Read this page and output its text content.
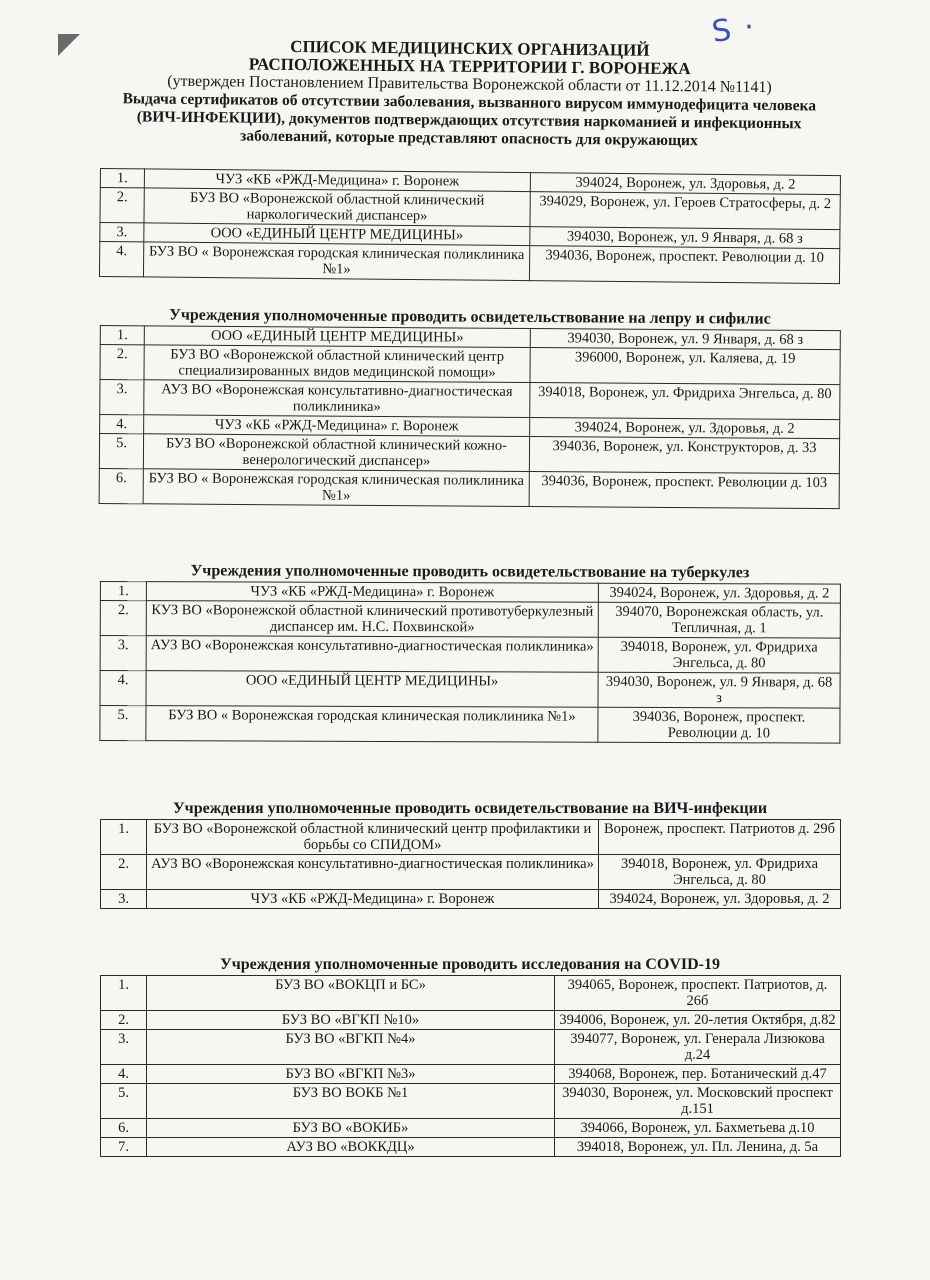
S ·
СПИСОК МЕДИЦИНСКИХ ОРГАНИЗАЦИЙ
РАСПОЛОЖЕННЫХ НА ТЕРРИТОРИИ Г. ВОРОНЕЖА
(утвержден Постановлением Правительства Воронежской области от 11.12.2014 №1141)
Выдача сертификатов об отсутствии заболевания, вызванного вирусом иммунодефицита человека (ВИЧ-ИНФЕКЦИИ), документов подтверждающих отсутствия наркоманией и инфекционных заболеваний, которые представляют опасность для окружающих
1.	ЧУЗ «КБ «РЖД-Медицина» г. Воронеж	394024, Воронеж, ул. Здоровья, д. 2
2.	БУЗ ВО «Воронежской областной клинический наркологический диспансер»	394029, Воронеж, ул. Героев Стратосферы, д. 2
3.	ООО «ЕДИНЫЙ ЦЕНТР МЕДИЦИНЫ»	394030, Воронеж, ул. 9 Января, д. 68 з
4.	БУЗ ВО « Воронежская городская клиническая поликлиника №1»	394036, Воронеж, проспект. Революции д. 10
Учреждения уполномоченные проводить освидетельствование на лепру и сифилис
1.	ООО «ЕДИНЫЙ ЦЕНТР МЕДИЦИНЫ»	394030, Воронеж, ул. 9 Января, д. 68 з
2.	БУЗ ВО «Воронежской областной клинический центр специализированных видов медицинской помощи»	396000, Воронеж, ул. Каляева, д. 19
3.	АУЗ ВО «Воронежская консультативно-диагностическая поликлиника»	394018, Воронеж, ул. Фридриха Энгельса, д. 80
4.	ЧУЗ «КБ «РЖД-Медицина» г. Воронеж	394024, Воронеж, ул. Здоровья, д. 2
5.	БУЗ ВО «Воронежской областной клинический кожно-венерологический диспансер»	394036, Воронеж, ул. Конструкторов, д. 33
6.	БУЗ ВО « Воронежская городская клиническая поликлиника №1»	394036, Воронеж, проспект. Революции д. 103
Учреждения уполномоченные проводить освидетельствование на туберкулез
1.	ЧУЗ «КБ «РЖД-Медицина» г. Воронеж	394024, Воронеж, ул. Здоровья, д. 2
2.	КУЗ ВО «Воронежской областной клинический противотуберкулезный диспансер им. Н.С. Похвинской»	394070, Воронежская область, ул. Тепличная, д. 1
3.	АУЗ ВО «Воронежская консультативно-диагностическая поликлиника»	394018, Воронеж, ул. Фридриха Энгельса, д. 80
4.	ООО «ЕДИНЫЙ ЦЕНТР МЕДИЦИНЫ»	394030, Воронеж, ул. 9 Января, д. 68 з
5.	БУЗ ВО « Воронежская городская клиническая поликлиника №1»	394036, Воронеж, проспект. Революции д. 10
Учреждения уполномоченные проводить освидетельствование на ВИЧ-инфекции
1.	БУЗ ВО «Воронежской областной клинический центр профилактики и борьбы со СПИДОМ»	Воронеж, проспект. Патриотов д. 29б
2.	АУЗ ВО «Воронежская консультативно-диагностическая поликлиника»	394018, Воронеж, ул. Фридриха Энгельса, д. 80
3.	ЧУЗ «КБ «РЖД-Медицина» г. Воронеж	394024, Воронеж, ул. Здоровья, д. 2
Учреждения уполномоченные проводить исследования на COVID-19
1.	БУЗ ВО «ВОКЦП и БС»	394065, Воронеж, проспект. Патриотов, д. 26б
2.	БУЗ ВО «ВГКП №10»	394006, Воронеж, ул. 20-летия Октября, д.82
3.	БУЗ ВО «ВГКП №4»	394077, Воронеж, ул. Генерала Лизюкова д.24
4.	БУЗ ВО «ВГКП №3»	394068, Воронеж, пер. Ботанический д.47
5.	БУЗ ВО ВОКБ №1	394030, Воронеж, ул. Московский проспект д.151
6.	БУЗ ВО «ВОКИБ»	394066, Воронеж, ул. Бахметьева д.10
7.	АУЗ ВО «ВОККДЦ»	394018, Воронеж, ул. Пл. Ленина, д. 5а
